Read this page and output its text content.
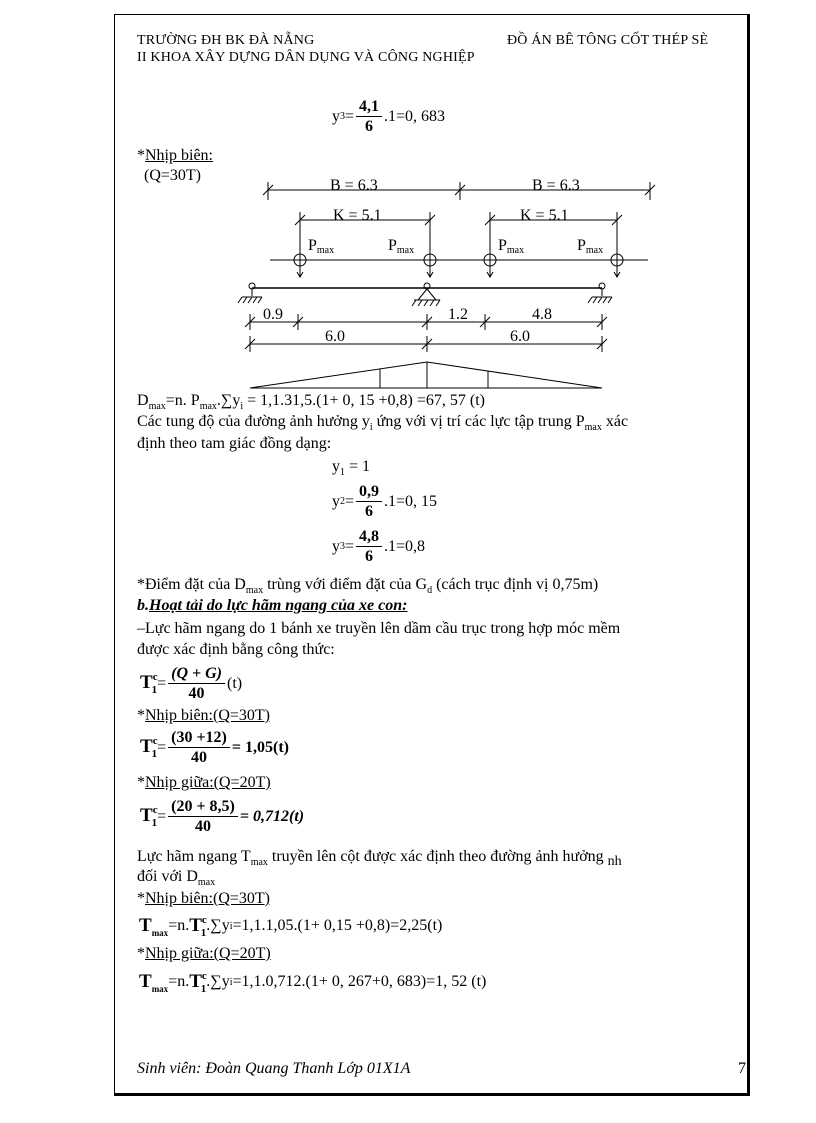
TRƯỜNG ĐH BK ĐÀ NẴNG	ĐỒ ÁN BÊ TÔNG CỐT THÉP SÈ
II KHOA XÂY DỰNG DÂN DỤNG VÀ CÔNG NGHIỆP
y $3 = \frac{4,1}{6} .1=0$, 683
*Nhịp biên:
(Q=30T)
B = 6.3	B = 6.3
K = 5.1	K = 5.1
Pmax	Pmax	Pmax	Pmax
0.9	1.2	4.8
6.0	6.0
$D_{max}=n$. $P_{max}.\sum y_i = 1,1.31,5.(1+ 0$, 15 +0,8) =67, 57 (t)
Các tung độ của đường ảnh hưởng $y_i$ ứng với vị trí các lực tập trung $P_{max}$ xác
định theo tam giác đồng dạng:
$y_1 = 1$
y $2 = \frac{0,9}{6} .1=0$, 15
y $3 = \frac{4,8}{6} .1=0,8$
*Điểm đặt của $D_{max}$ trùng với điểm đặt của $G_d$ (cách trục định vị 0,75m)
b.Hoạt tải do lực hãm ngang của xe con:
–Lực hãm ngang do 1 bánh xe truyền lên dầm cầu trục trong hợp móc mềm
được xác định bằng công thức:
$T^c_1 = \frac{(Q + G)}{40} (t)$
*Nhịp biên:(Q=30T)
$T^c_1 = \frac{(30 +12)}{40} = 1,05(t)$
*Nhịp giữa:(Q=20T)
$T^c_1 = \frac{(20 + 8,5)}{40} = 0,712(t)$
Lực hãm ngang $T_{max}$ truyền lên cột được xác định theo đường ảnh hưởng $_{nh}$
đối với $D_{max}$
*Nhịp biên:(Q=30T)
$T_{max} =n$. $T^c_1$ .∑y i =1,1.1,05.(1+ 0,15 +0,8)=2,25(t)
*Nhịp giữa:(Q=20T)
$T_{max} =n$. $T^c_1$ .∑y i =1,1.0,712.(1+ 0, 267+0, 683)=1, 52 (t)
Sinh viên: Đoàn Quang Thanh Lớp 01X1A	7
